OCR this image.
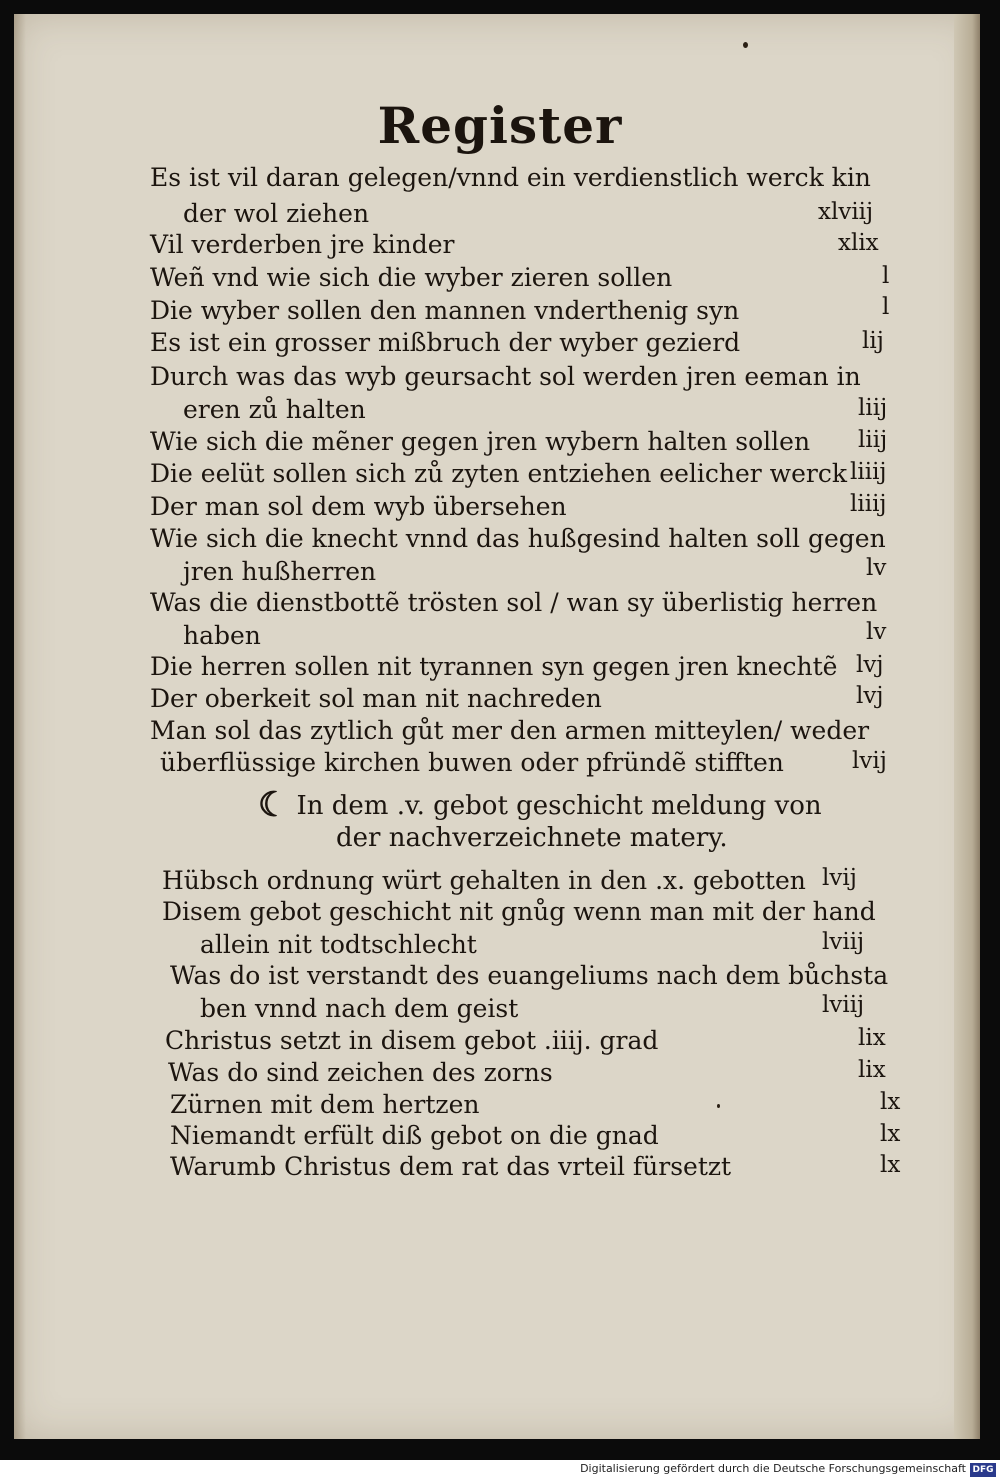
Register
Es ist vil daran gelegen/vnnd ein verdienstlich werck kin
der wol ziehen	xlviij
Vil verderben jre kinder	xlix
Weñ vnd wie sich die wyber zieren sollen	l
Die wyber sollen den mannen vnderthenig syn	l
Es ist ein grosser mißbruch der wyber gezierd	lij
Durch was das wyb geursacht sol werden jren eeman in
eren zů halten	liij
Wie sich die mẽner gegen jren wybern halten sollen liij
Die eelüt sollen sich zů zyten entziehen eelicher werck liiij
Der man sol dem wyb übersehen	liiij
Wie sich die knecht vnnd das hußgesind halten soll gegen
jren hußherren	lv
Was die dienstbottẽ trösten sol / wan sy überlistig herren
haben	lv
Die herren sollen nit tyrannen syn gegen jren knechtẽ lvj
Der oberkeit sol man nit nachreden	lvj
Man sol das zytlich gůt mer den armen mitteylen/ weder
überflüssige kirchen buwen oder pfründẽ stifften	lvij
☾ In dem .v. gebot geschicht meldung von
der nachverzeichnete matery.
Hübsch ordnung würt gehalten in den .x. gebotten lvij
Disem gebot geschicht nit gnůg wenn man mit der hand
allein nit todtschlecht	lviij
Was do ist verstandt des euangeliums nach dem bůchsta
ben vnnd nach dem geist	lviij
Christus setzt in disem gebot .iiij. grad	lix
Was do sind zeichen des zorns	lix
Zürnen mit dem hertzen	lx
Niemandt erfült diß gebot on die gnad	lx
Warumb Christus dem rat das vrteil fürsetzt	lx
Digitalisierung gefördert durch die Deutsche Forschungsgemeinschaft DFG
